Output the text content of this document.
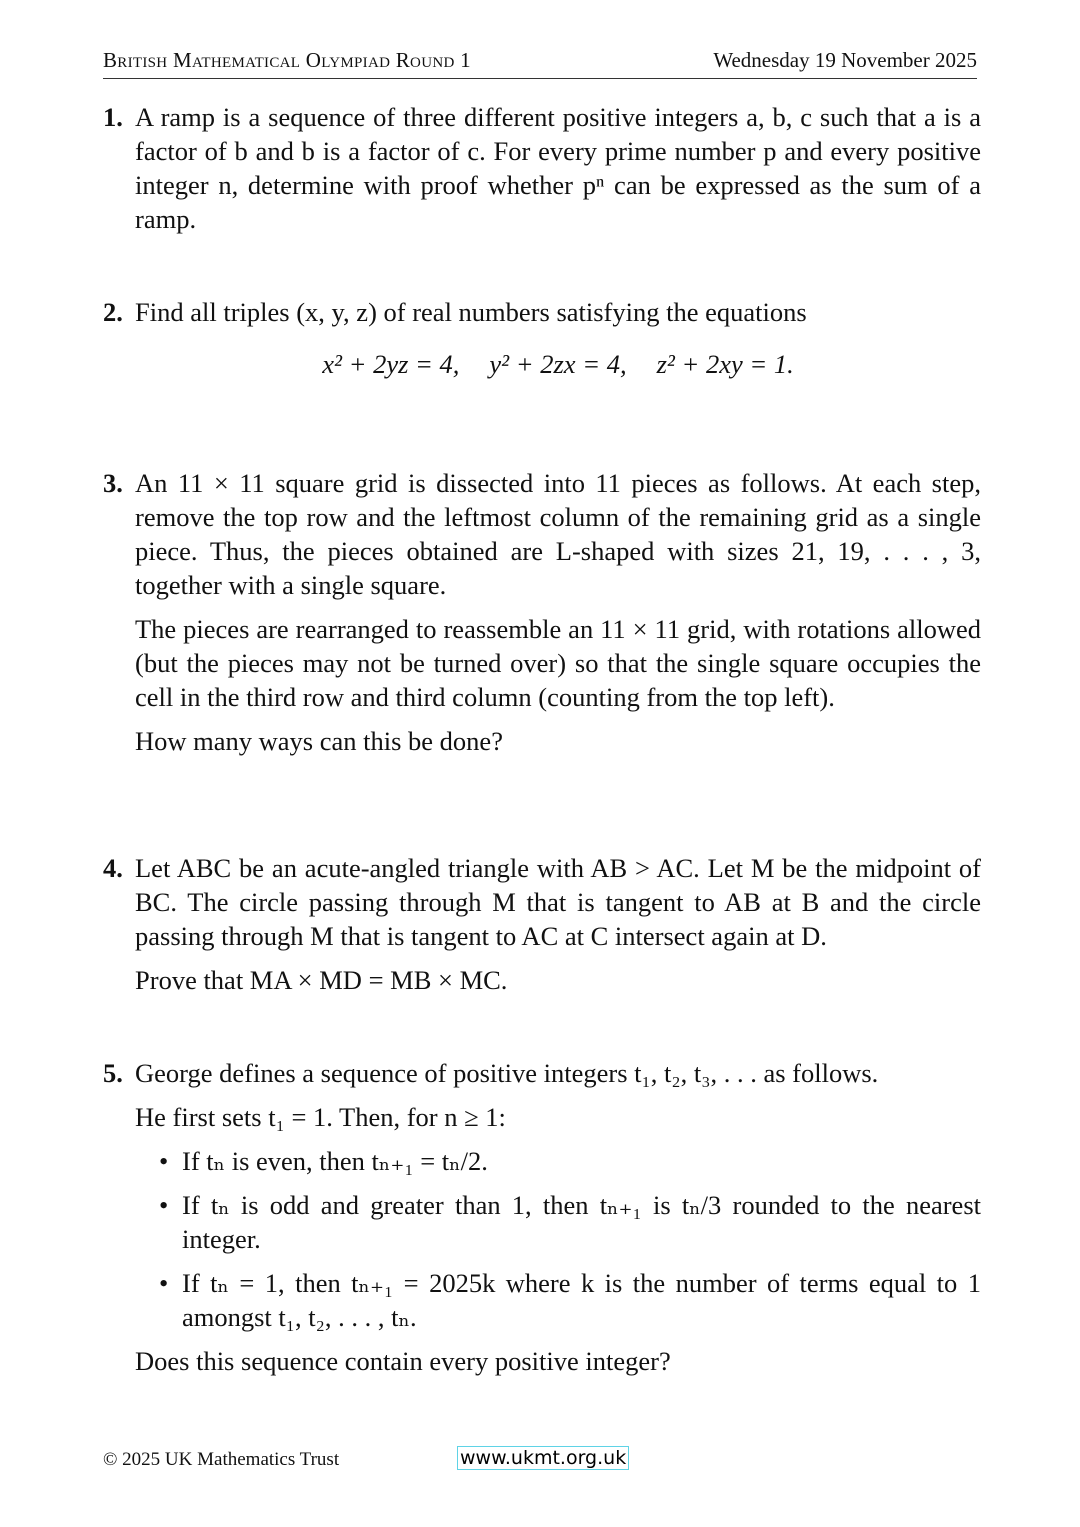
British Mathematical Olympiad Round 1	Wednesday 19 November 2025
1. A ramp is a sequence of three different positive integers a, b, c such that a is a factor of b and b is a factor of c. For every prime number p and every positive integer n, determine with proof whether pⁿ can be expressed as the sum of a ramp.

2. Find all triples (x, y, z) of real numbers satisfying the equations

x² + 2yz = 4, y² + 2zx = 4, z² + 2xy = 1.
3. An 11 × 11 square grid is dissected into 11 pieces as follows. At each step, remove the top row and the leftmost column of the remaining grid as a single piece. Thus, the pieces obtained are L-shaped with sizes 21, 19, . . . , 3, together with a single square.

The pieces are rearranged to reassemble an 11 × 11 grid, with rotations allowed (but the pieces may not be turned over) so that the single square occupies the cell in the third row and third column (counting from the top left).

How many ways can this be done?

4. Let ABC be an acute-angled triangle with AB > AC. Let M be the midpoint of BC. The circle passing through M that is tangent to AB at B and the circle passing through M that is tangent to AC at C intersect again at D.

Prove that MA × MD = MB × MC.

5. George defines a sequence of positive integers t₁, t₂, t₃, . . . as follows.

He first sets t₁ = 1. Then, for n ≥ 1:

• If tₙ is even, then tₙ₊₁ = tₙ/2.
• If tₙ is odd and greater than 1, then tₙ₊₁ is tₙ/3 rounded to the nearest integer.
• If tₙ = 1, then tₙ₊₁ = 2025k where k is the number of terms equal to 1 amongst t₁, t₂, . . . , tₙ.

Does this sequence contain every positive integer?

© 2025 UK Mathematics Trust	www.ukmt.org.uk
